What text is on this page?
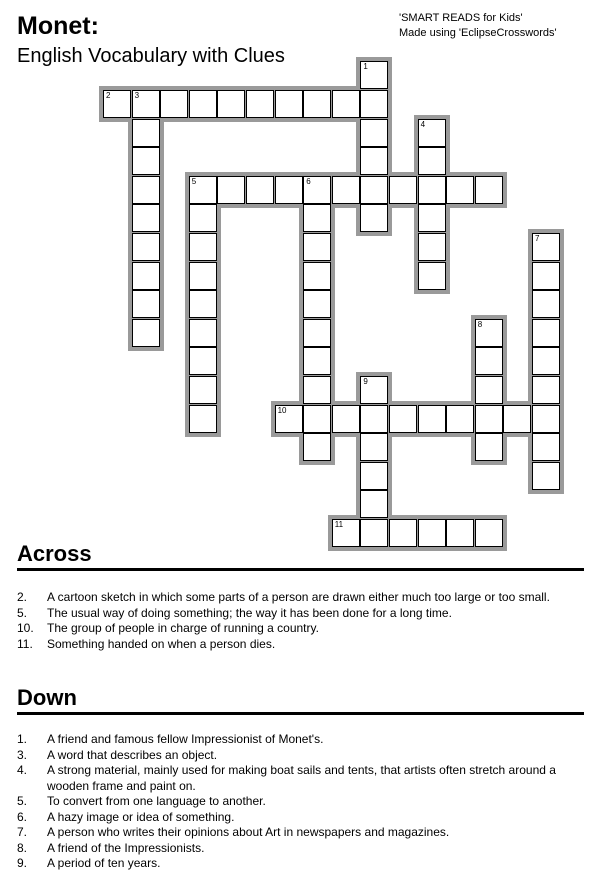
Monet:
English Vocabulary with Clues
'SMART READS for Kids'
Made using 'EclipseCrosswords'
2	3
1
4
5	6
7
8
9
10
11
Across
2.	A cartoon sketch in which some parts of a person are drawn either much too large or too small.
5.	The usual way of doing something; the way it has been done for a long time.
10.	The group of people in charge of running a country.
11.	Something handed on when a person dies.
Down
1.	A friend and famous fellow Impressionist of Monet's.
3.	A word that describes an object.
4.	A strong material, mainly used for making boat sails and tents, that artists often stretch around a wooden frame and paint on.
5.	To convert from one language to another.
6.	A hazy image or idea of something.
7.	A person who writes their opinions about Art in newspapers and magazines.
8.	A friend of the Impressionists.
9.	A period of ten years.
